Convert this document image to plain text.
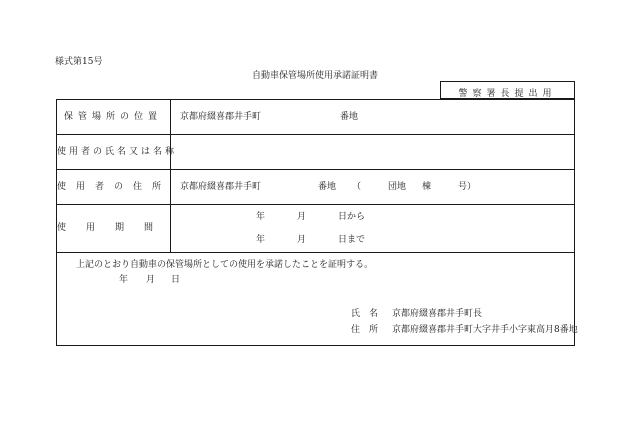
様式第15号
自動車保管場所使用承諾証明書
警察署長提出用
保管場所の位置	京都府綴喜郡井手町	番地
使用者の氏名又は名称
使用者の住所 京都府綴喜郡井手町	番地 （	団地 棟	号）
使用期間
年	月	日から
年	月	日まで
上記のとおり自動車の保管場所としての使用を承諾したことを証明する。
年 月 日
氏　名 京都府綴喜郡井手町長
住　所 京都府綴喜郡井手町大字井手小字東高月8番地
